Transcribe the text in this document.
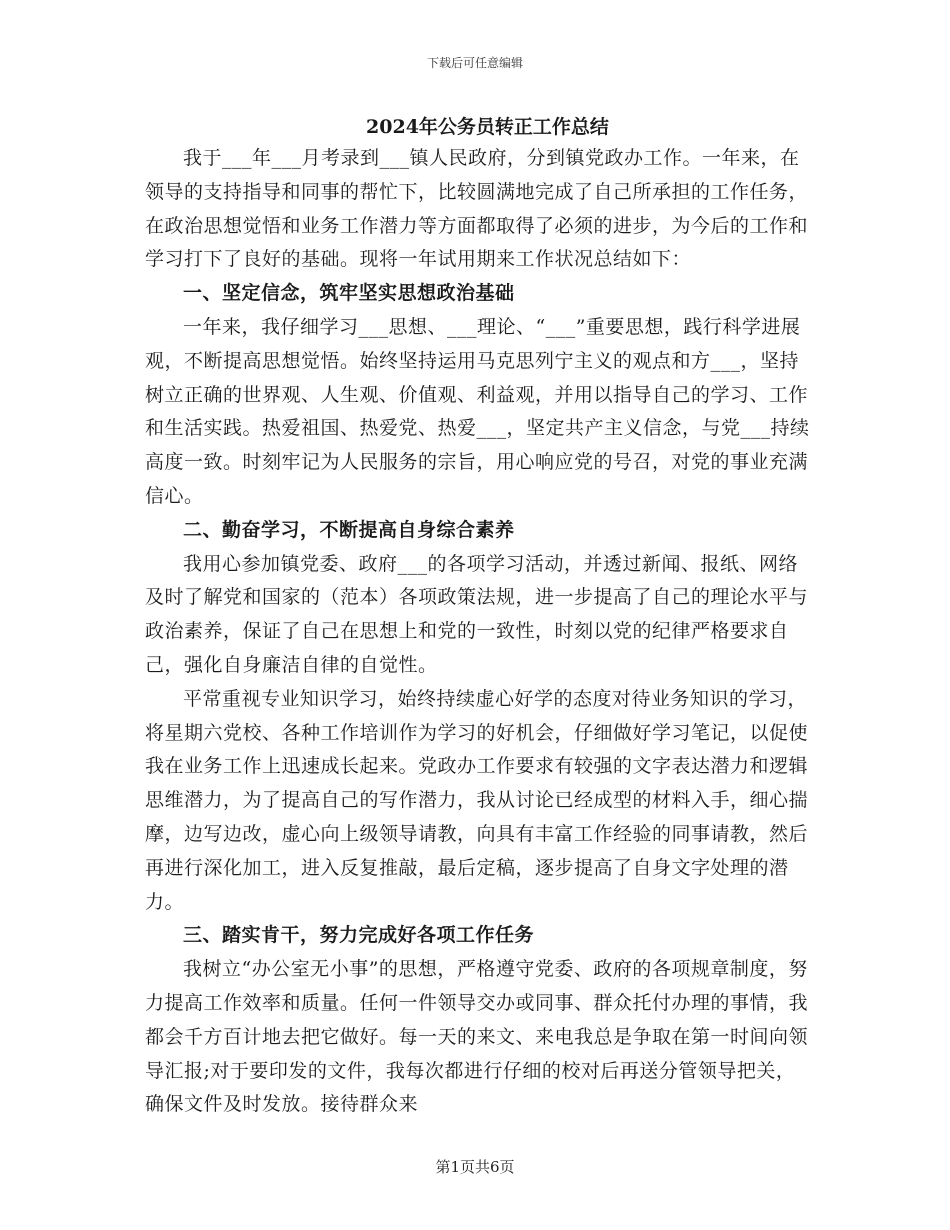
下载后可任意编辑
2024年公务员转正工作总结

我于___年___月考录到___镇人民政府，分到镇党政办工作。一年来，在领导的支持指导和同事的帮忙下，比较圆满地完成了自己所承担的工作任务，在政治思想觉悟和业务工作潜力等方面都取得了必须的进步，为今后的工作和学习打下了良好的基础。现将一年试用期来工作状况总结如下：

一、坚定信念，筑牢坚实思想政治基础

一年来，我仔细学习___思想、___理论、“___”重要思想，践行科学进展观，不断提高思想觉悟。始终坚持运用马克思列宁主义的观点和方___，坚持树立正确的世界观、人生观、价值观、利益观，并用以指导自己的学习、工作和生活实践。热爱祖国、热爱党、热爱___，坚定共产主义信念，与党___持续高度一致。时刻牢记为人民服务的宗旨，用心响应党的号召，对党的事业充满信心。

二、勤奋学习，不断提高自身综合素养

我用心参加镇党委、政府___的各项学习活动，并透过新闻、报纸、网络及时了解党和国家的（范本）各项政策法规，进一步提高了自己的理论水平与政治素养，保证了自己在思想上和党的一致性，时刻以党的纪律严格要求自己，强化自身廉洁自律的自觉性。

平常重视专业知识学习，始终持续虚心好学的态度对待业务知识的学习，将星期六党校、各种工作培训作为学习的好机会，仔细做好学习笔记，以促使我在业务工作上迅速成长起来。党政办工作要求有较强的文字表达潜力和逻辑思维潜力，为了提高自己的写作潜力，我从讨论已经成型的材料入手，细心揣摩，边写边改，虚心向上级领导请教，向具有丰富工作经验的同事请教，然后再进行深化加工，进入反复推敲，最后定稿，逐步提高了自身文字处理的潜力。

三、踏实肯干，努力完成好各项工作任务

我树立“办公室无小事”的思想，严格遵守党委、政府的各项规章制度，努力提高工作效率和质量。任何一件领导交办或同事、群众托付办理的事情，我都会千方百计地去把它做好。每一天的来文、来电我总是争取在第一时间向领导汇报;对于要印发的文件，我每次都进行仔细的校对后再送分管领导把关，确保文件及时发放。接待群众来

第1页共6页
